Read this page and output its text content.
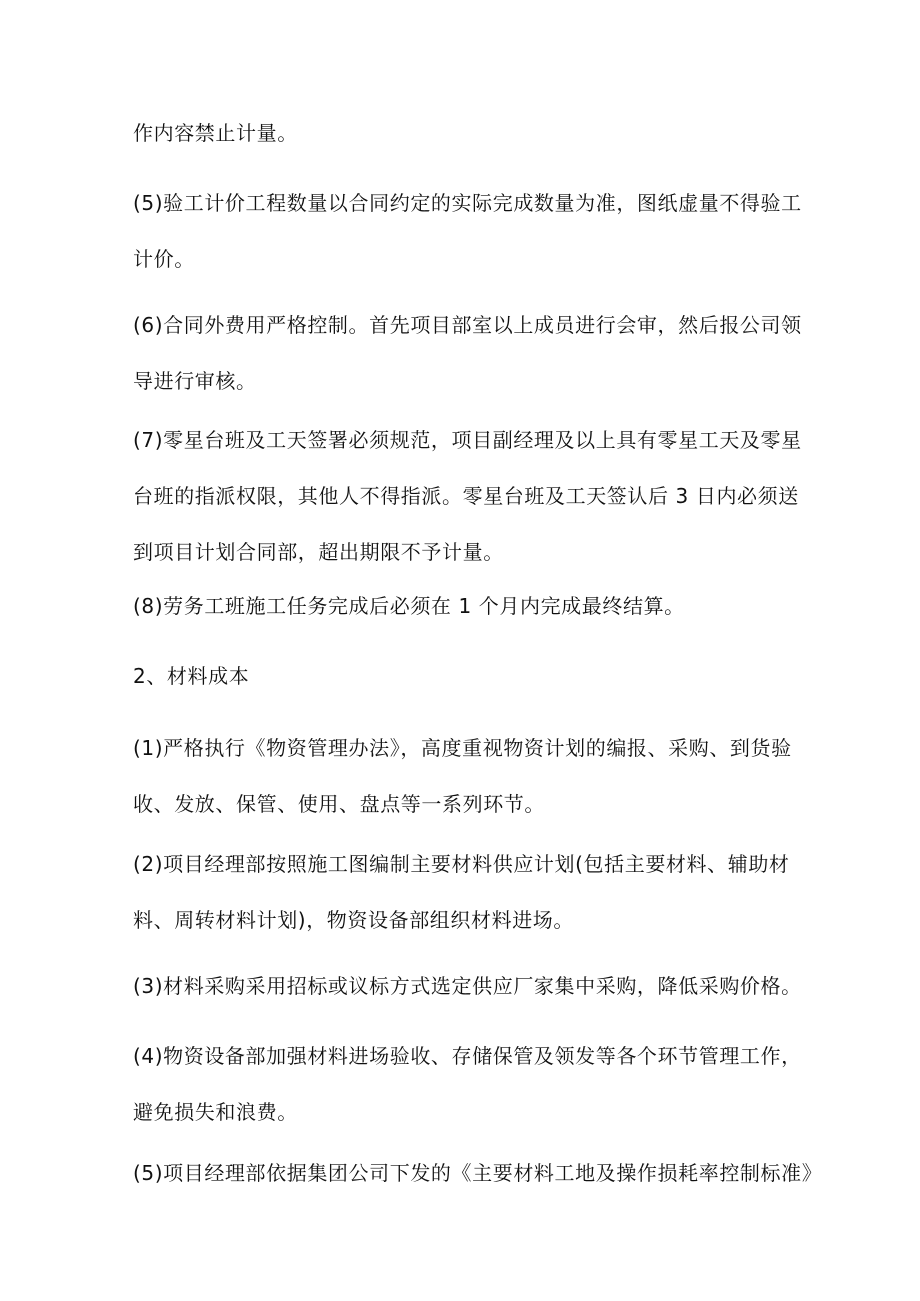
作内容禁止计量。

(5)验工计价工程数量以合同约定的实际完成数量为准，图纸虚量不得验工
计价。

(6)合同外费用严格控制。首先项目部室以上成员进行会审，然后报公司领
导进行审核。

(7)零星台班及工天签署必须规范，项目副经理及以上具有零星工天及零星
台班的指派权限，其他人不得指派。零星台班及工天签认后 3 日内必须送
到项目计划合同部，超出期限不予计量。

(8)劳务工班施工任务完成后必须在 1 个月内完成最终结算。

2、材料成本

(1)严格执行《物资管理办法》，高度重视物资计划的编报、采购、到货验
收、发放、保管、使用、盘点等一系列环节。

(2)项目经理部按照施工图编制主要材料供应计划(包括主要材料、辅助材
料、周转材料计划)，物资设备部组织材料进场。

(3)材料采购采用招标或议标方式选定供应厂家集中采购，降低采购价格。

(4)物资设备部加强材料进场验收、存储保管及领发等各个环节管理工作，
避免损失和浪费。

(5)项目经理部依据集团公司下发的《主要材料工地及操作损耗率控制标准》
